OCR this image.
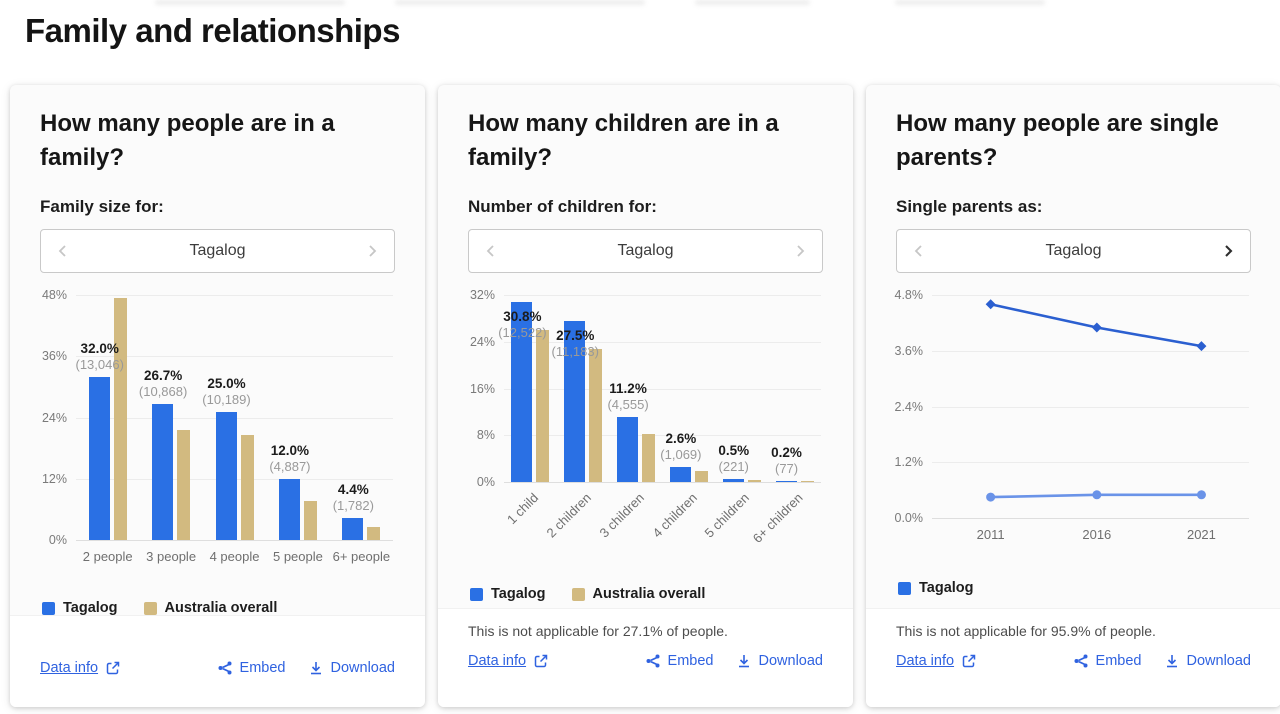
Family and relationships
How many people are in a family?
Family size for:
Tagalog
0%
12%
24%
36%
48%
32.0%
(13,046)
2 people
26.7%
(10,868)
3 people
25.0%
(10,189)
4 people
12.0%
(4,887)
5 people
4.4%
(1,782)
6+ people
Tagalog	Australia overall
Data info	Embed	Download
How many children are in a family?
Number of children for:
Tagalog
0%
8%
16%
24%
32%
30.8%
(12,522)
1 child
27.5%
(11,183)
2 children
11.2%
(4,555)
3 children
2.6%
(1,069)
4 children
0.5%
(221)
5 children
0.2%
(77)
6+ children
Tagalog	Australia overall
This is not applicable for 27.1% of people.
Data info	Embed	Download
How many people are single parents?
Single parents as:
Tagalog
0.0%
1.2%
2.4%
3.6%
4.8%
2011	2016	2021
Tagalog
This is not applicable for 95.9% of people.
Data info	Embed	Download
